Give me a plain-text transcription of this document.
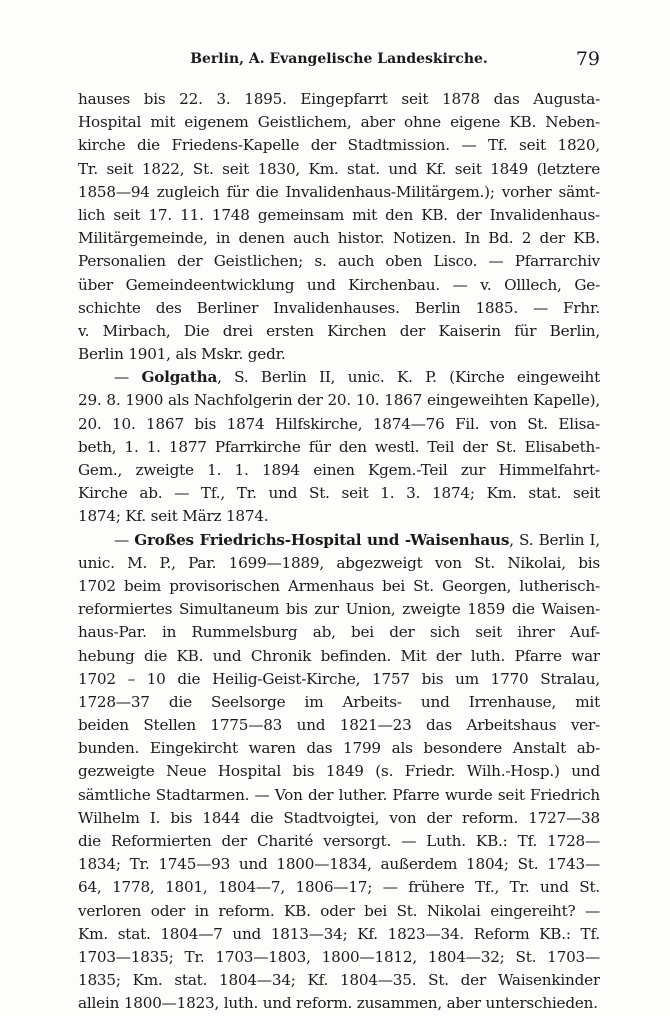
Berlin, A. Evangelische Landeskirche.	79
hauses bis 22. 3. 1895. Eingepfarrt seit 1878 das Augusta-
Hospital mit eigenem Geistlichem, aber ohne eigene KB. Neben-
kirche die Friedens-Kapelle der Stadtmission. — Tf. seit 1820,
Tr. seit 1822, St. seit 1830, Km. stat. und Kf. seit 1849 (letztere
1858—94 zugleich für die Invalidenhaus-Militärgem.); vorher sämt-
lich seit 17. 11. 1748 gemeinsam mit den KB. der Invalidenhaus-
Militärgemeinde, in denen auch histor. Notizen. In Bd. 2 der KB.
Personalien der Geistlichen; s. auch oben Lisco. — Pfarrarchiv
über Gemeindeentwicklung und Kirchenbau. — v. Olllech, Ge-
schichte des Berliner Invalidenhauses. Berlin 1885. — Frhr.
v. Mirbach, Die drei ersten Kirchen der Kaiserin für Berlin,
Berlin 1901, als Mskr. gedr.
— Golgatha, S. Berlin II, unic. K. P. (Kirche eingeweiht
29. 8. 1900 als Nachfolgerin der 20. 10. 1867 eingeweihten Kapelle),
20. 10. 1867 bis 1874 Hilfskirche, 1874—76 Fil. von St. Elisa-
beth, 1. 1. 1877 Pfarrkirche für den westl. Teil der St. Elisabeth-
Gem., zweigte 1. 1. 1894 einen Kgem.-Teil zur Himmelfahrt-
Kirche ab. — Tf., Tr. und St. seit 1. 3. 1874; Km. stat. seit
1874; Kf. seit März 1874.
— Großes Friedrichs-Hospital und -Waisenhaus, S. Berlin I,
unic. M. P., Par. 1699—1889, abgezweigt von St. Nikolai, bis
1702 beim provisorischen Armenhaus bei St. Georgen, lutherisch-
reformiertes Simultaneum bis zur Union, zweigte 1859 die Waisen-
haus-Par. in Rummelsburg ab, bei der sich seit ihrer Auf-
hebung die KB. und Chronik befinden. Mit der luth. Pfarre war
1702 – 10 die Heilig-Geist-Kirche, 1757 bis um 1770 Stralau,
1728—37 die Seelsorge im Arbeits- und Irrenhause, mit
beiden Stellen 1775—83 und 1821—23 das Arbeitshaus ver-
bunden. Eingekircht waren das 1799 als besondere Anstalt ab-
gezweigte Neue Hospital bis 1849 (s. Friedr. Wilh.-Hosp.) und
sämtliche Stadtarmen. — Von der luther. Pfarre wurde seit Friedrich
Wilhelm I. bis 1844 die Stadtvoigtei, von der reform. 1727—38
die Reformierten der Charité versorgt. — Luth. KB.: Tf. 1728—
1834; Tr. 1745—93 und 1800—1834, außerdem 1804; St. 1743—
64, 1778, 1801, 1804—7, 1806—17; — frühere Tf., Tr. und St.
verloren oder in reform. KB. oder bei St. Nikolai eingereiht? —
Km. stat. 1804—7 und 1813—34; Kf. 1823—34. Reform KB.: Tf.
1703—1835; Tr. 1703—1803, 1800—1812, 1804—32; St. 1703—
1835; Km. stat. 1804—34; Kf. 1804—35. St. der Waisenkinder
allein 1800—1823, luth. und reform. zusammen, aber unterschieden.
